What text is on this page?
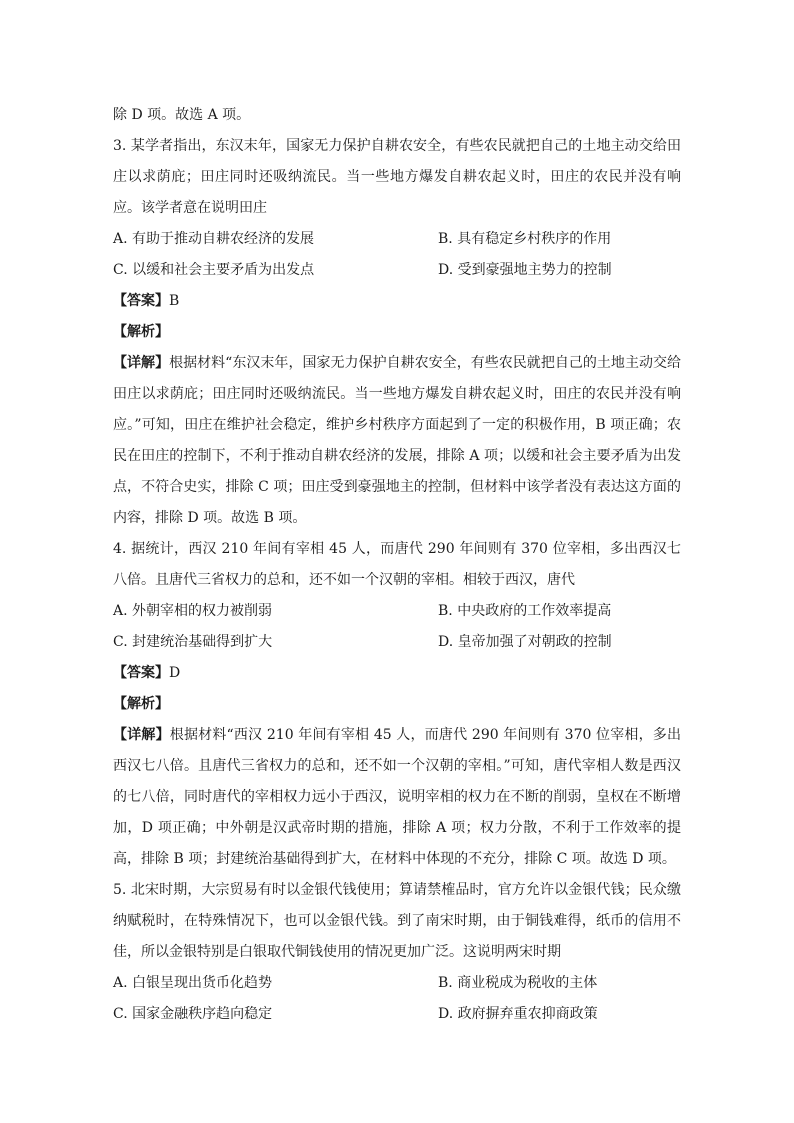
除 D 项。故选 A 项。
3. 某学者指出，东汉末年，国家无力保护自耕农安全，有些农民就把自己的土地主动交给田庄以求荫庇；田庄同时还吸纳流民。当一些地方爆发自耕农起义时，田庄的农民并没有响应。该学者意在说明田庄
A. 有助于推动自耕农经济的发展	B. 具有稳定乡村秩序的作用
C. 以缓和社会主要矛盾为出发点	D. 受到豪强地主势力的控制
【答案】B
【解析】
【详解】根据材料“东汉末年，国家无力保护自耕农安全，有些农民就把自己的土地主动交给田庄以求荫庇；田庄同时还吸纳流民。当一些地方爆发自耕农起义时，田庄的农民并没有响应。”可知，田庄在维护社会稳定，维护乡村秩序方面起到了一定的积极作用，B 项正确；农民在田庄的控制下，不利于推动自耕农经济的发展，排除 A 项；以缓和社会主要矛盾为出发点，不符合史实，排除 C 项；田庄受到豪强地主的控制，但材料中该学者没有表达这方面的内容，排除 D 项。故选 B 项。
4. 据统计，西汉 210 年间有宰相 45 人，而唐代 290 年间则有 370 位宰相，多出西汉七八倍。且唐代三省权力的总和，还不如一个汉朝的宰相。相较于西汉，唐代
A. 外朝宰相的权力被削弱	B. 中央政府的工作效率提高
C. 封建统治基础得到扩大	D. 皇帝加强了对朝政的控制
【答案】D
【解析】
【详解】根据材料“西汉 210 年间有宰相 45 人，而唐代 290 年间则有 370 位宰相，多出西汉七八倍。且唐代三省权力的总和，还不如一个汉朝的宰相。”可知，唐代宰相人数是西汉的七八倍，同时唐代的宰相权力远小于西汉，说明宰相的权力在不断的削弱，皇权在不断增加，D 项正确；中外朝是汉武帝时期的措施，排除 A 项；权力分散，不利于工作效率的提高，排除 B 项；封建统治基础得到扩大，在材料中体现的不充分，排除 C 项。故选 D 项。
5. 北宋时期，大宗贸易有时以金银代钱使用；算请禁榷品时，官方允许以金银代钱；民众缴纳赋税时，在特殊情况下，也可以金银代钱。到了南宋时期，由于铜钱难得，纸币的信用不佳，所以金银特别是白银取代铜钱使用的情况更加广泛。这说明两宋时期
A. 白银呈现出货币化趋势	B. 商业税成为税收的主体
C. 国家金融秩序趋向稳定	D. 政府摒弃重农抑商政策
